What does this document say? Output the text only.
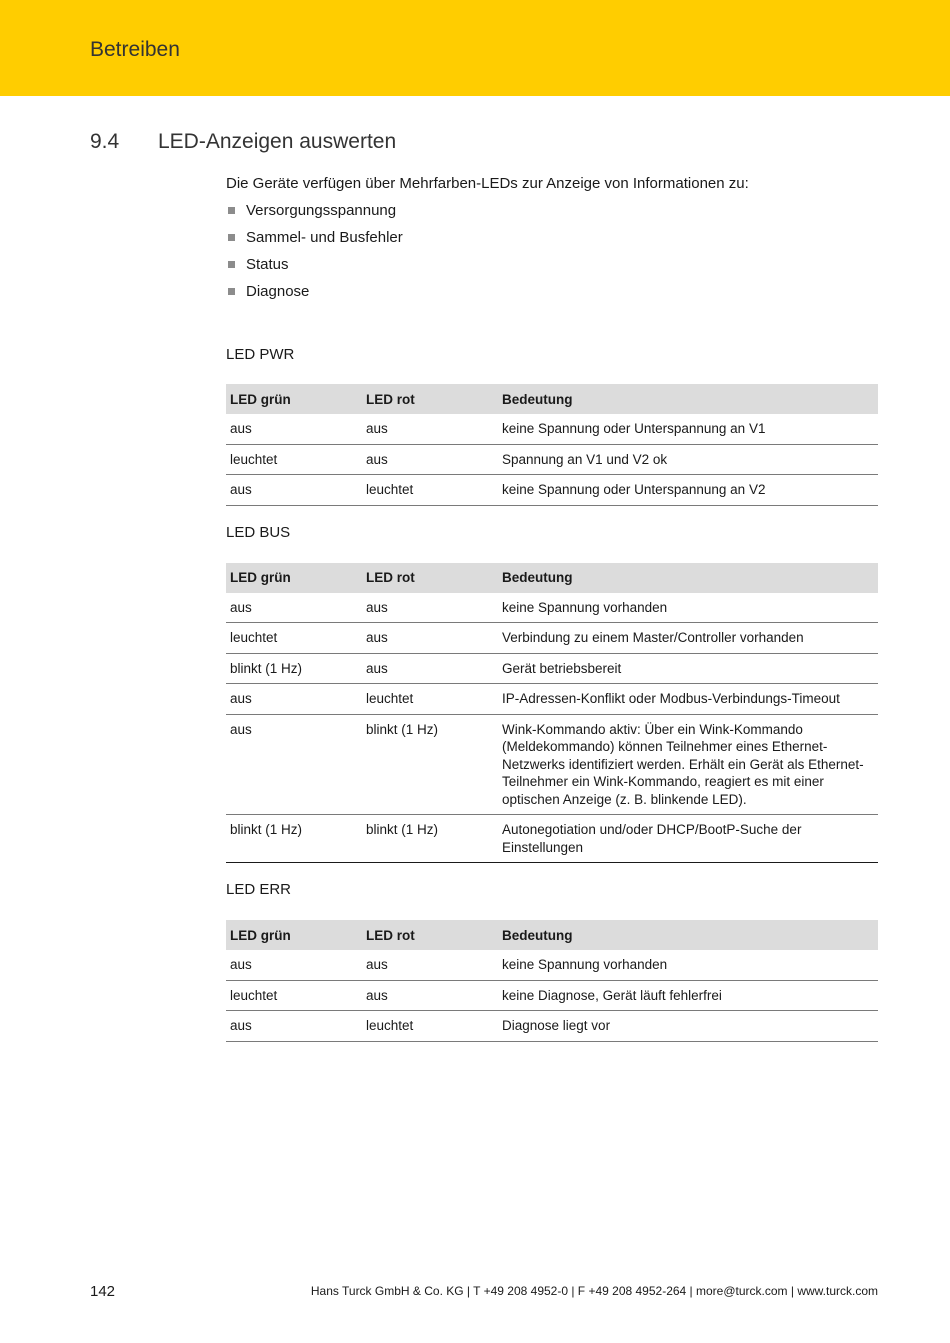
Betreiben
9.4 LED-Anzeigen auswerten

Die Geräte verfügen über Mehrfarben-LEDs zur Anzeige von Informationen zu:

Versorgungsspannung
Sammel- und Busfehler
Status
Diagnose

LED PWR

LED grün	LED rot	Bedeutung
aus	aus	keine Spannung oder Unterspannung an V1
leuchtet	aus	Spannung an V1 und V2 ok
aus	leuchtet	keine Spannung oder Unterspannung an V2

LED BUS

LED grün	LED rot	Bedeutung
aus	aus	keine Spannung vorhanden
leuchtet	aus	Verbindung zu einem Master/Controller vorhanden
blinkt (1 Hz)	aus	Gerät betriebsbereit
aus	leuchtet	IP-Adressen-Konflikt oder Modbus-Verbindungs-Timeout
aus	blinkt (1 Hz)	Wink-Kommando aktiv: Über ein Wink-Kommando (Meldekommando) können Teilnehmer eines Ethernet-Netzwerks identifiziert werden. Erhält ein Gerät als Ethernet-Teilnehmer ein Wink-Kommando, reagiert es mit einer optischen Anzeige (z. B. blinkende LED).
blinkt (1 Hz)	blinkt (1 Hz)	Autonegotiation und/oder DHCP/BootP-Suche der Einstellungen

LED ERR

LED grün	LED rot	Bedeutung
aus	aus	keine Spannung vorhanden
leuchtet	aus	keine Diagnose, Gerät läuft fehlerfrei
aus	leuchtet	Diagnose liegt vor
142	Hans Turck GmbH & Co. KG | T +49 208 4952-0 | F +49 208 4952-264 | more@turck.com | www.turck.com
